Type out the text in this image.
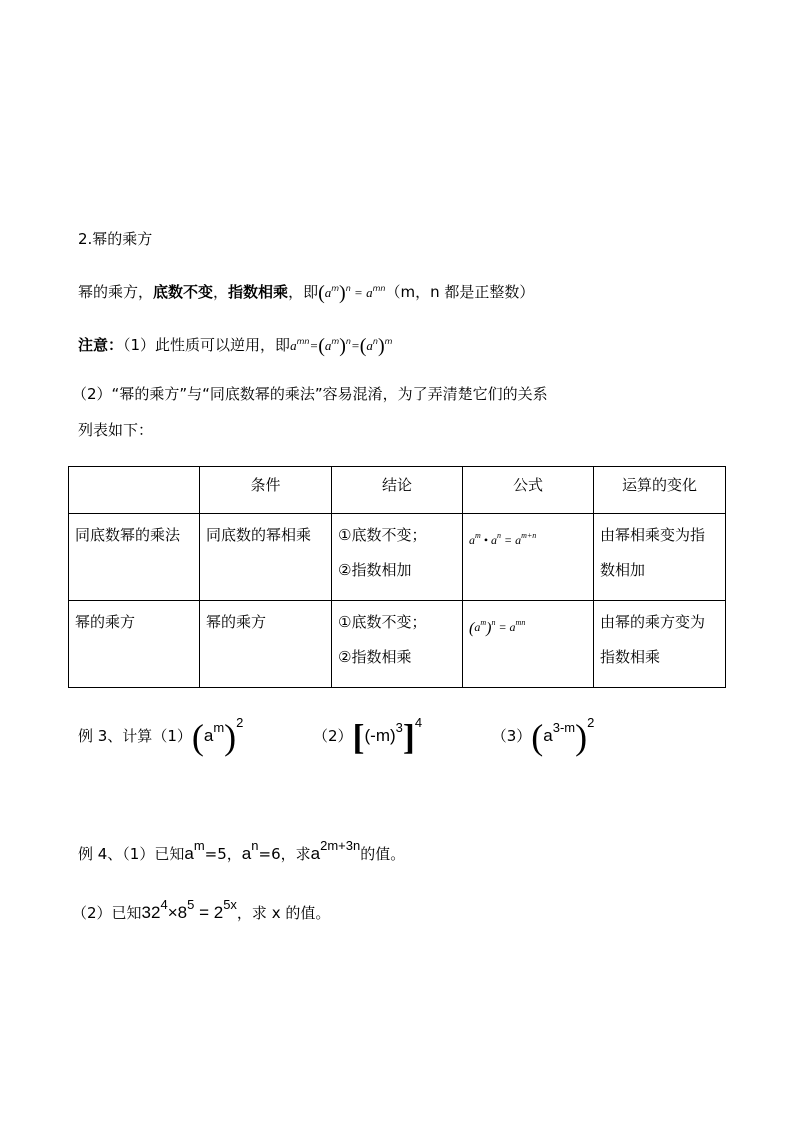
2.幂的乘方
幂的乘方，底数不变，指数相乘，即$(a^m)^n = a^{mn}(m$，n 都是正整数）
注意：（1）此性质可以逆用，即$a^{mn}=(a^m)^n=(a^n)^m$
（2）“幂的乘方”与“同底数幂的乘法”容易混淆，为了弄清楚它们的关系
列表如下：
	条件	结论	公式	运算的变化
同底数幂的乘法	同底数的幂相乘	①底数不变；
②指数相加	$a^m$ • $a^n = a^{m+n}$	由幂相乘变为指数相加
幂的乘方	幂的乘方	①底数不变；
②指数相乘	$(a^m)^n = a^{mn}$	由幂的乘方变为指数相乘
例 3、计算（1）(am)2  （2）[(-m)3]4  （3）(a3-m)2
例 4、（1）已知am=5，an=6，求a2m+3n的值。
（2）已知324×85 = 25x，求 x 的值。
